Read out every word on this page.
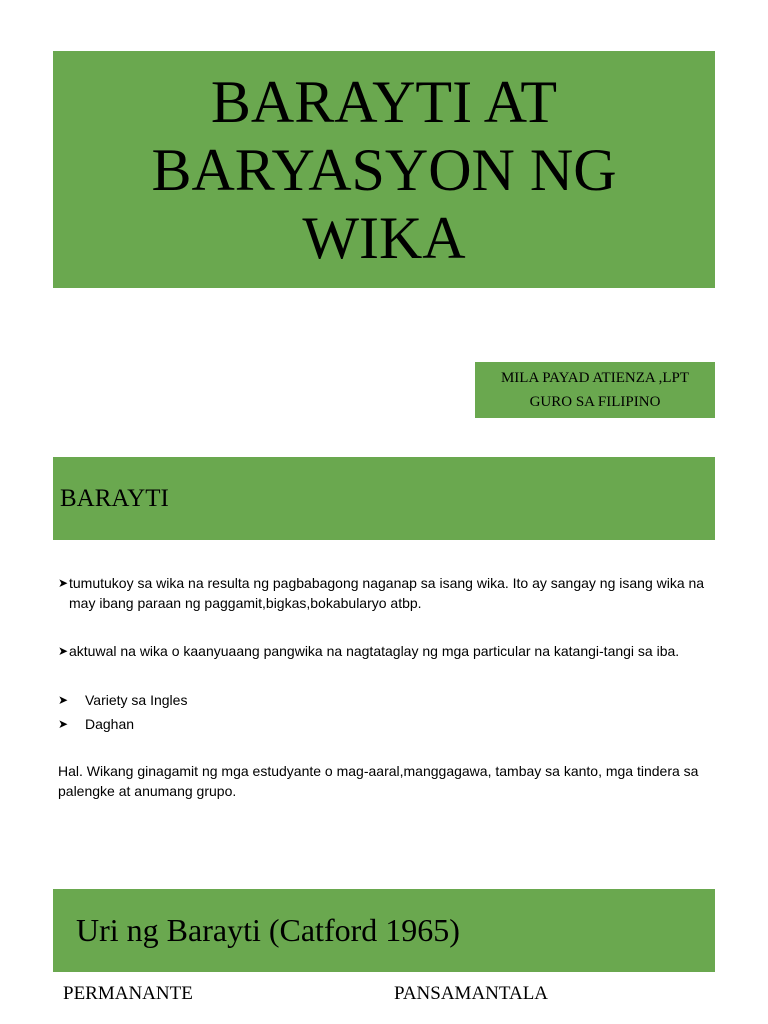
BARAYTI AT
BARYASYON NG
WIKA
MILA PAYAD ATIENZA ,LPT
GURO SA FILIPINO
BARAYTI

➤ tumutukoy sa wika na resulta ng pagbabagong naganap sa isang wika. Ito ay sangay ng isang wika na may ibang paraan ng paggamit,bigkas,bokabularyo atbp.

➤ aktuwal na wika o kaanyuaang pangwika na nagtataglay ng mga particular na katangi-tangi sa iba.

➤	Variety sa Ingles
➤	Daghan

Hal. Wikang ginagamit ng mga estudyante o mag-aaral,manggagawa, tambay sa kanto, mga tindera sa palengke at anumang grupo.

Uri ng Barayti (Catford 1965)
PERMANANTE	PANSAMANTALA
